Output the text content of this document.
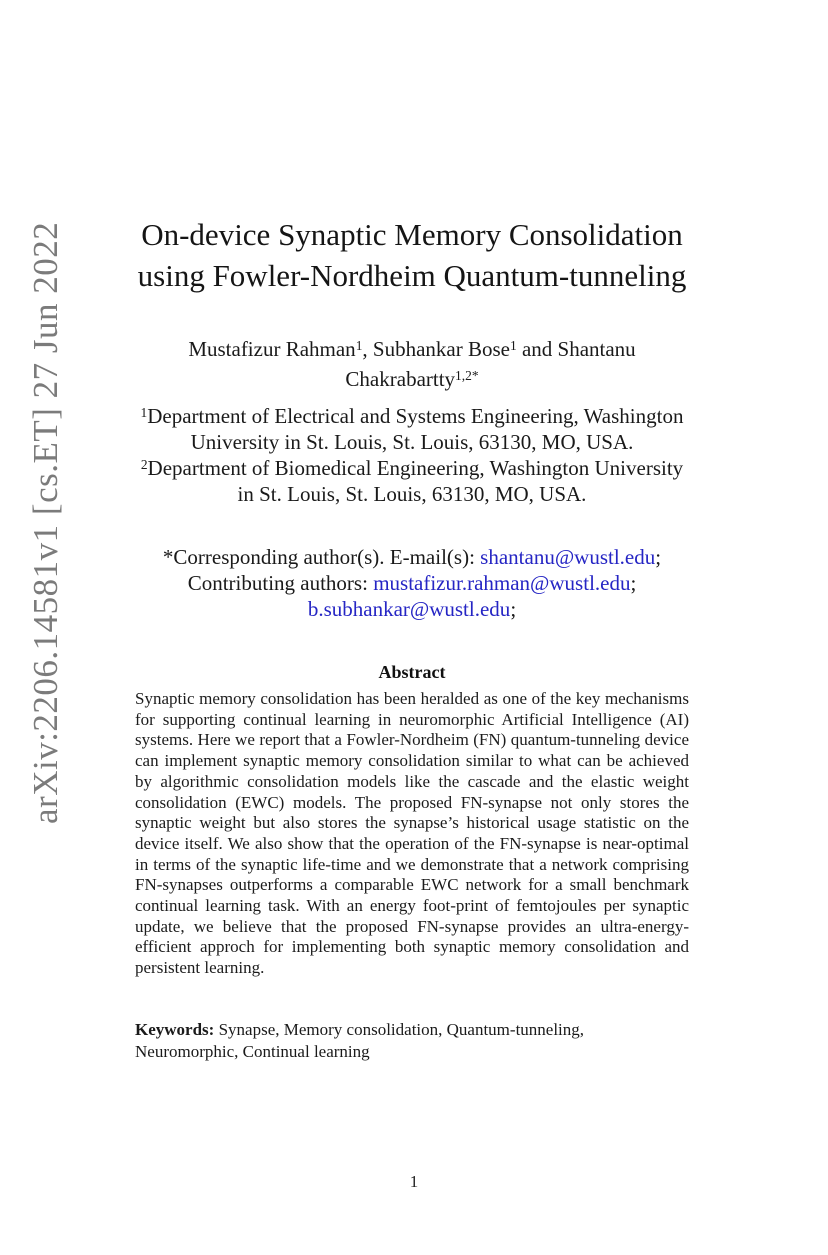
arXiv:2206.14581v1 [cs.ET] 27 Jun 2022	On-device Synaptic Memory Consolidation
using Fowler-Nordheim Quantum-tunneling
Mustafizur Rahman$^1$, Subhankar Bose$^1$ and Shantanu
Chakrabartty$^{1,2*}$
$^1$Department of Electrical and Systems Engineering, Washington
University in St. Louis, St. Louis, 63130, MO, USA.
$^2$Department of Biomedical Engineering, Washington University
in St. Louis, St. Louis, 63130, MO, USA.
*Corresponding author(s). E-mail(s): shantanu@wustl.edu;
Contributing authors: mustafizur.rahman@wustl.edu;
b.subhankar@wustl.edu;
Abstract
Synaptic memory consolidation has been heralded as one of the key mechanisms for supporting continual learning in neuromorphic Artificial Intelligence (AI) systems. Here we report that a Fowler-Nordheim (FN) quantum-tunneling device can implement synaptic memory consolidation similar to what can be achieved by algorithmic consolidation models like the cascade and the elastic weight consolidation (EWC) models. The proposed FN-synapse not only stores the synaptic weight but also stores the synapse’s historical usage statistic on the device itself. We also show that the operation of the FN-synapse is near-optimal in terms of the synaptic life-time and we demonstrate that a network comprising FN-synapses outperforms a comparable EWC network for a small benchmark continual learning task. With an energy foot-print of femtojoules per synaptic update, we believe that the proposed FN-synapse provides an ultra-energy-efficient approch for implementing both synaptic memory consolidation and persistent learning.
Keywords: Synapse, Memory consolidation, Quantum-tunneling, Neuromorphic, Continual learning
1
